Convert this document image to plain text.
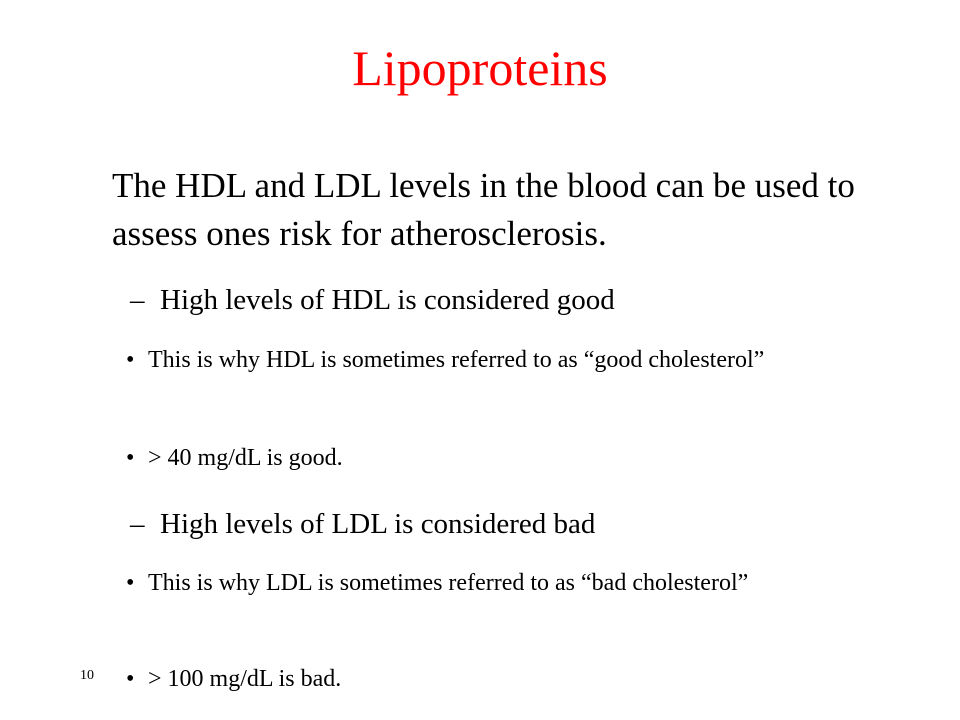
Lipoproteins
The HDL and LDL levels in the blood can be used to assess ones risk for atherosclerosis.
– High levels of HDL is considered good
• This is why HDL is sometimes referred to as “good cholesterol”
• > 40 mg/dL is good.
– High levels of LDL is considered bad
• This is why LDL is sometimes referred to as “bad cholesterol”
• > 100 mg/dL is bad.
10
